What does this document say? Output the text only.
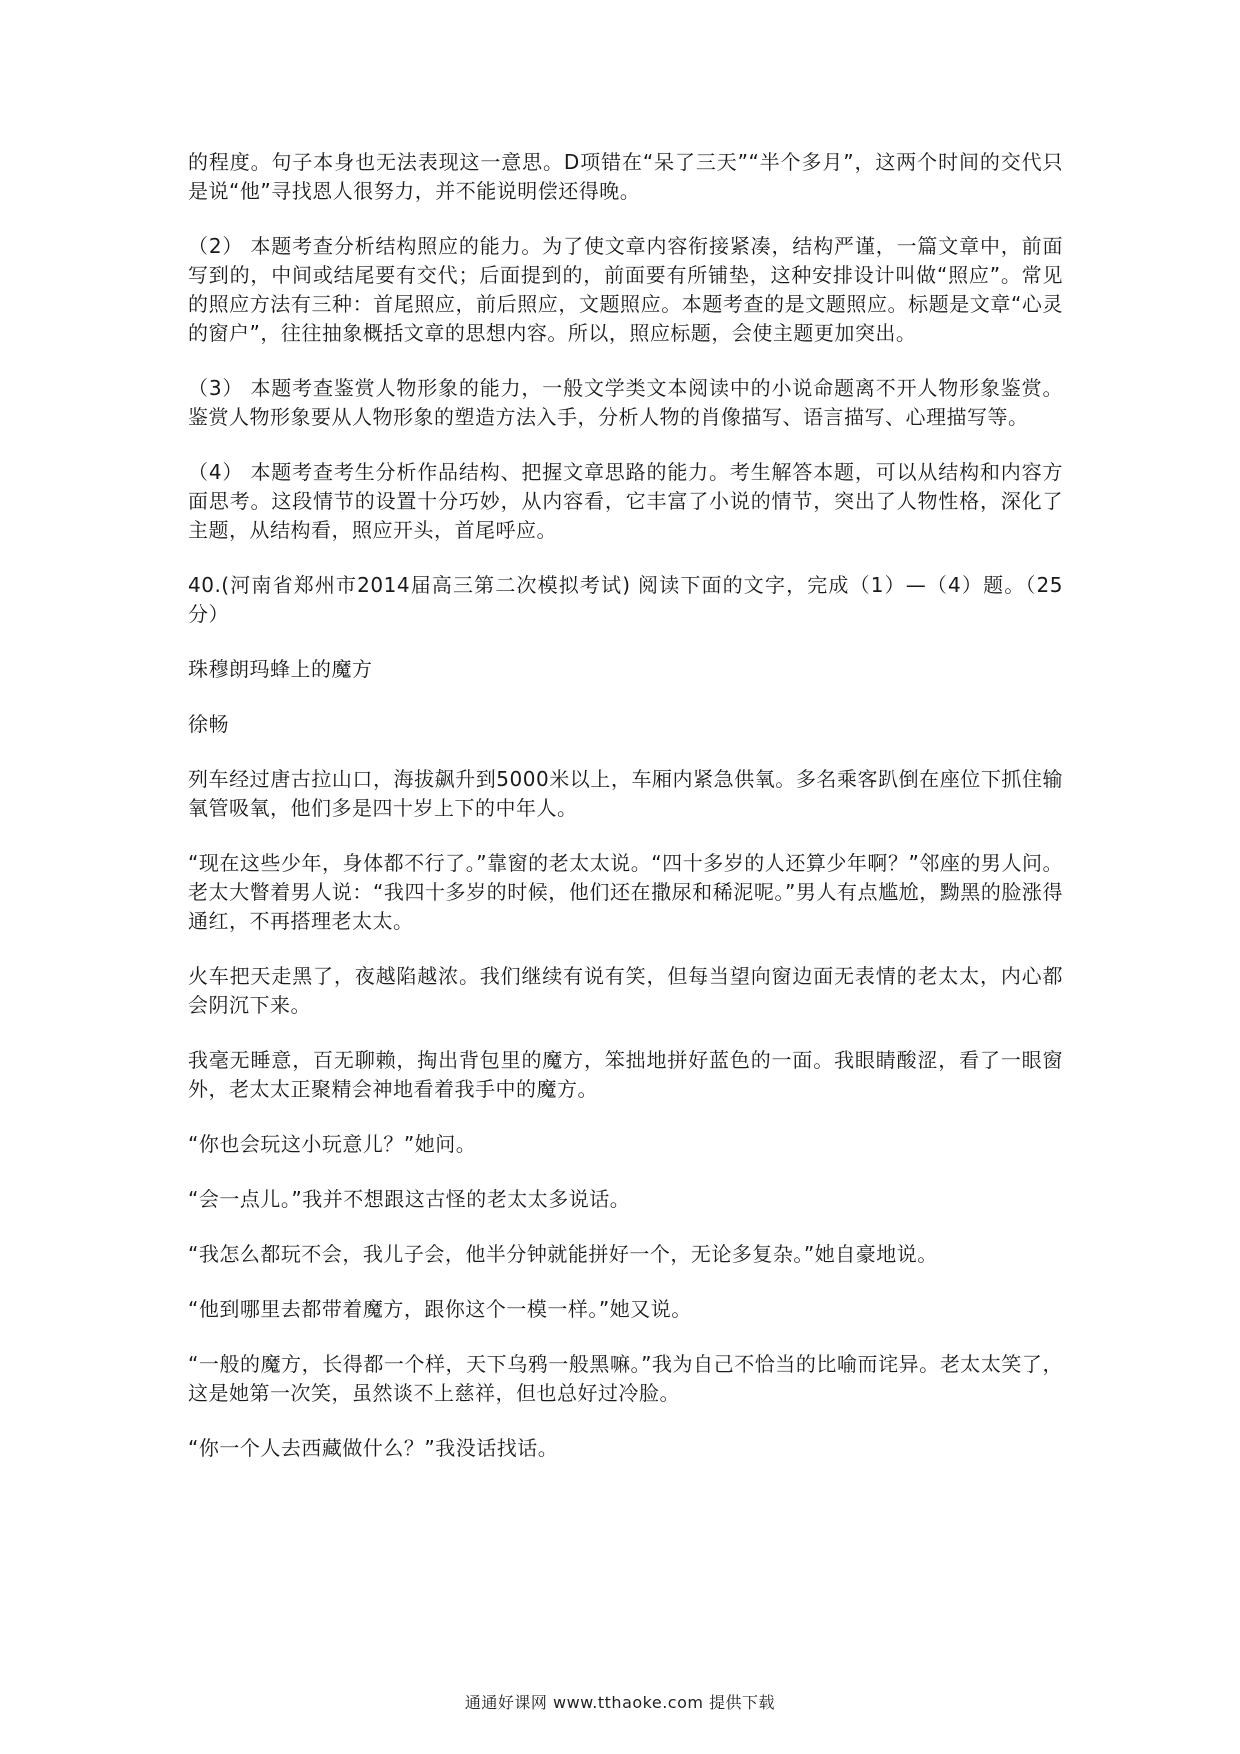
的程度。句子本身也无法表现这一意思。D项错在“呆了三天”“半个多月”，这两个时间的交代只是说“他”寻找恩人很努力，并不能说明偿还得晚。

（2） 本题考查分析结构照应的能力。为了使文章内容衔接紧凑，结构严谨，一篇文章中，前面写到的，中间或结尾要有交代；后面提到的，前面要有所铺垫，这种安排设计叫做“照应”。常见的照应方法有三种：首尾照应，前后照应，文题照应。本题考查的是文题照应。标题是文章“心灵的窗户”，往往抽象概括文章的思想内容。所以，照应标题，会使主题更加突出。

（3） 本题考查鉴赏人物形象的能力，一般文学类文本阅读中的小说命题离不开人物形象鉴赏。鉴赏人物形象要从人物形象的塑造方法入手，分析人物的肖像描写、语言描写、心理描写等。

（4） 本题考查考生分析作品结构、把握文章思路的能力。考生解答本题，可以从结构和内容方面思考。这段情节的设置十分巧妙，从内容看，它丰富了小说的情节，突出了人物性格，深化了主题，从结构看，照应开头，首尾呼应。

40.(河南省郑州市2014届高三第二次模拟考试) 阅读下面的文字，完成（1）—（4）题。（25分）

珠穆朗玛蜂上的魔方

徐畅

列车经过唐古拉山口，海拔飙升到5000米以上，车厢内紧急供氧。多名乘客趴倒在座位下抓住输氧管吸氧，他们多是四十岁上下的中年人。

“现在这些少年，身体都不行了。”靠窗的老太太说。“四十多岁的人还算少年啊？”邻座的男人问。老太大瞥着男人说：“我四十多岁的时候，他们还在撒尿和稀泥呢。”男人有点尴尬，黝黑的脸涨得通红，不再搭理老太太。

火车把天走黑了，夜越陷越浓。我们继续有说有笑，但每当望向窗边面无表情的老太太，内心都会阴沉下来。

我毫无睡意，百无聊赖，掏出背包里的魔方，笨拙地拼好蓝色的一面。我眼睛酸涩，看了一眼窗外，老太太正聚精会神地看着我手中的魔方。

“你也会玩这小玩意儿？”她问。

“会一点儿。”我并不想跟这古怪的老太太多说话。

“我怎么都玩不会，我儿子会，他半分钟就能拼好一个，无论多复杂。”她自豪地说。

“他到哪里去都带着魔方，跟你这个一模一样。”她又说。

“一般的魔方，长得都一个样，天下乌鸦一般黑嘛。”我为自己不恰当的比喻而诧异。老太太笑了，这是她第一次笑，虽然谈不上慈祥，但也总好过冷脸。

“你一个人去西藏做什么？”我没话找话。

通通好课网 www.tthaoke.com 提供下载
